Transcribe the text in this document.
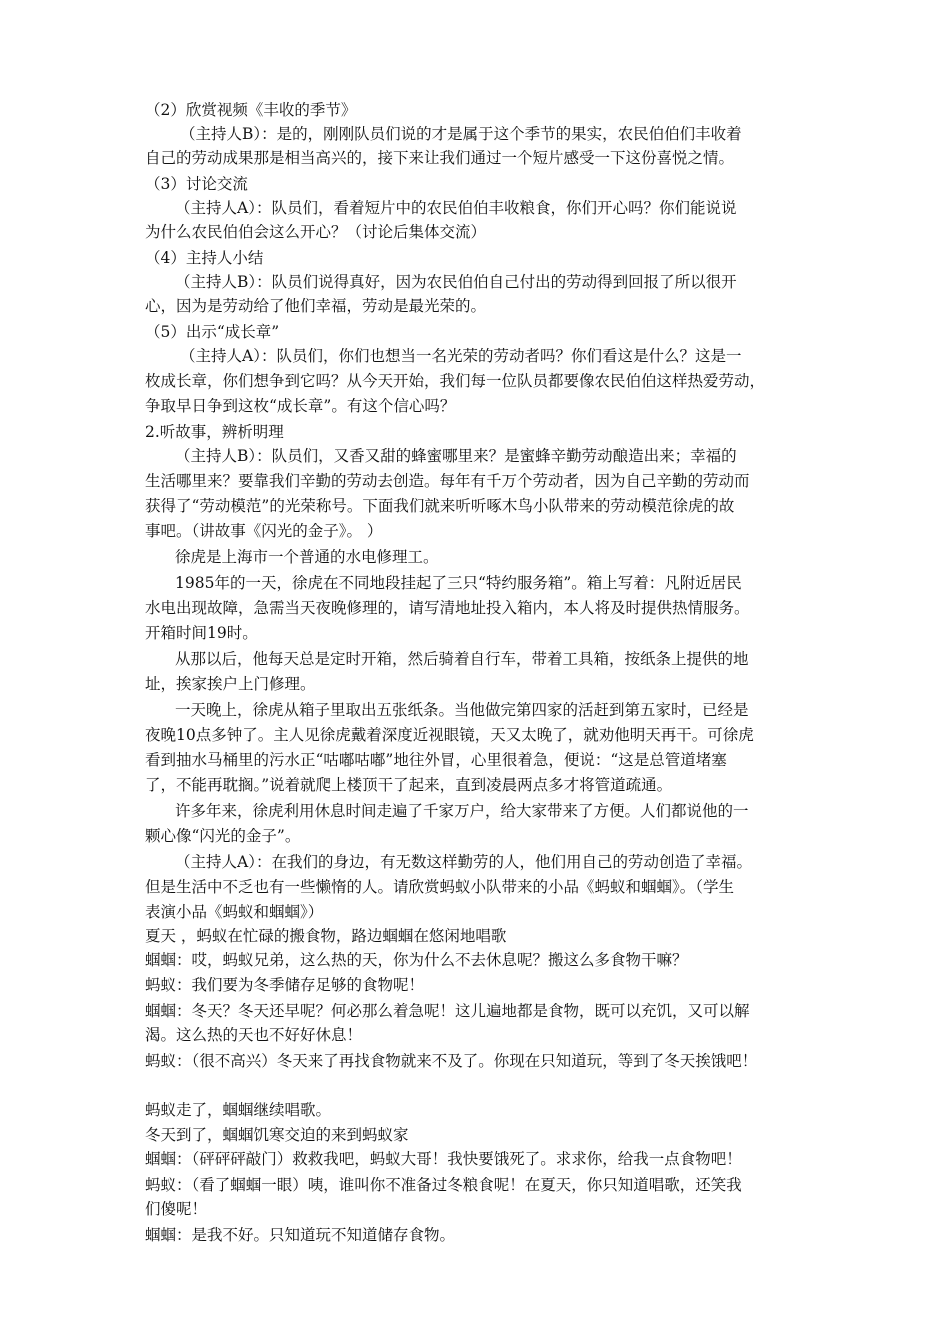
（2）欣赏视频《丰收的季节》
（主持人B）：是的，刚刚队员们说的才是属于这个季节的果实，农民伯伯们丰收着
自己的劳动成果那是相当高兴的，接下来让我们通过一个短片感受一下这份喜悦之情。
（3）讨论交流
（主持人A）：队员们，看着短片中的农民伯伯丰收粮食，你们开心吗？你们能说说
为什么农民伯伯会这么开心？（讨论后集体交流）
（4）主持人小结
（主持人B）：队员们说得真好，因为农民伯伯自己付出的劳动得到回报了所以很开
心，因为是劳动给了他们幸福，劳动是最光荣的。
（5）出示“成长章”
（主持人A）：队员们，你们也想当一名光荣的劳动者吗？你们看这是什么？这是一
枚成长章，你们想争到它吗？从今天开始，我们每一位队员都要像农民伯伯这样热爱劳动，
争取早日争到这枚“成长章”。有这个信心吗？
2.听故事，辨析明理
（主持人B）：队员们，又香又甜的蜂蜜哪里来？是蜜蜂辛勤劳动酿造出来；幸福的
生活哪里来？要靠我们辛勤的劳动去创造。每年有千万个劳动者，因为自己辛勤的劳动而
获得了“劳动模范”的光荣称号。下面我们就来听听啄木鸟小队带来的劳动模范徐虎的故
事吧。（讲故事《闪光的金子》。 ）
徐虎是上海市一个普通的水电修理工。
1985年的一天，徐虎在不同地段挂起了三只“特约服务箱”。箱上写着：凡附近居民
水电出现故障，急需当天夜晚修理的，请写清地址投入箱内，本人将及时提供热情服务。
开箱时间19时。
从那以后，他每天总是定时开箱，然后骑着自行车，带着工具箱，按纸条上提供的地
址，挨家挨户上门修理。
一天晚上，徐虎从箱子里取出五张纸条。当他做完第四家的活赶到第五家时，已经是
夜晚10点多钟了。主人见徐虎戴着深度近视眼镜，天又太晚了，就劝他明天再干。可徐虎
看到抽水马桶里的污水正“咕嘟咕嘟”地往外冒，心里很着急，便说：“这是总管道堵塞
了，不能再耽搁。”说着就爬上楼顶干了起来，直到凌晨两点多才将管道疏通。
许多年来，徐虎利用休息时间走遍了千家万户，给大家带来了方便。人们都说他的一
颗心像“闪光的金子”。
（主持人A）：在我们的身边，有无数这样勤劳的人，他们用自己的劳动创造了幸福。
但是生活中不乏也有一些懒惰的人。请欣赏蚂蚁小队带来的小品《蚂蚁和蝈蝈》。（学生
表演小品《蚂蚁和蝈蝈》）
夏天 ，蚂蚁在忙碌的搬食物，路边蝈蝈在悠闲地唱歌
蝈蝈：哎，蚂蚁兄弟，这么热的天，你为什么不去休息呢？搬这么多食物干嘛？
蚂蚁：我们要为冬季储存足够的食物呢！
蝈蝈：冬天？冬天还早呢？何必那么着急呢！这儿遍地都是食物，既可以充饥，又可以解
渴。这么热的天也不好好休息！
蚂蚁：（很不高兴）冬天来了再找食物就来不及了。你现在只知道玩，等到了冬天挨饿吧！
蚂蚁走了，蝈蝈继续唱歌。
冬天到了，蝈蝈饥寒交迫的来到蚂蚁家
蝈蝈：（砰砰砰敲门）救救我吧，蚂蚁大哥！我快要饿死了。求求你，给我一点食物吧！
蚂蚁：（看了蝈蝈一眼）咦，谁叫你不准备过冬粮食呢！在夏天，你只知道唱歌，还笑我
们傻呢！
蝈蝈：是我不好。只知道玩不知道储存食物。
